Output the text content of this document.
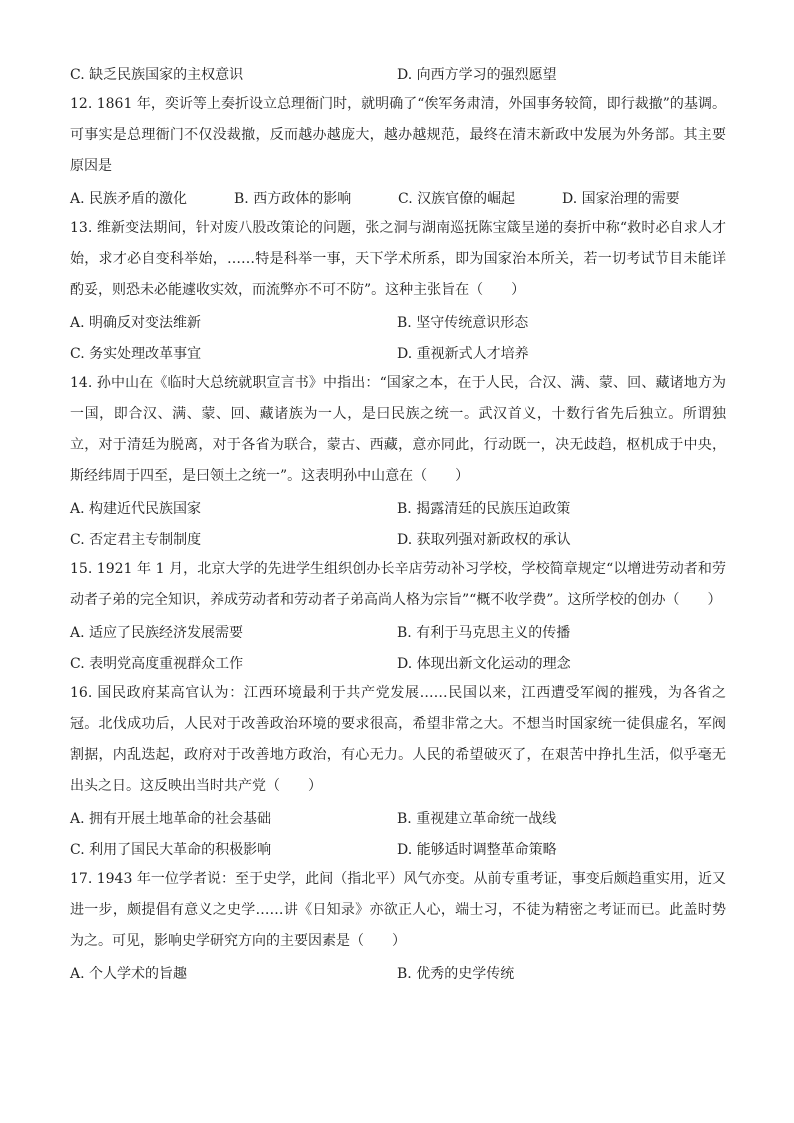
C. 缺乏民族国家的主权意识	D. 向西方学习的强烈愿望

12. 1861 年，奕䜣等上奏折设立总理衙门时，就明确了“俟军务肃清，外国事务较简，即行裁撤”的基调。可事实是总理衙门不仅没裁撤，反而越办越庞大，越办越规范，最终在清末新政中发展为外务部。其主要原因是

A. 民族矛盾的激化	B. 西方政体的影响	C. 汉族官僚的崛起	D. 国家治理的需要

13. 维新变法期间，针对废八股改策论的问题，张之洞与湖南巡抚陈宝箴呈递的奏折中称“救时必自求人才始，求才必自变科举始，……特是科举一事，天下学术所系，即为国家治本所关，若一切考试节目未能详酌妥，则恐未必能遽收实效，而流弊亦不可不防”。这种主张旨在（　　）

A. 明确反对变法维新	B. 坚守传统意识形态
C. 务实处理改革事宜	D. 重视新式人才培养

14. 孙中山在《临时大总统就职宣言书》中指出：“国家之本，在于人民，合汉、满、蒙、回、藏诸地方为一国，即合汉、满、蒙、回、藏诸族为一人，是曰民族之统一。武汉首义，十数行省先后独立。所谓独立，对于清廷为脱离，对于各省为联合，蒙古、西藏，意亦同此，行动既一，决无歧趋，枢机成于中央，斯经纬周于四至，是曰领土之统一”。这表明孙中山意在（　　）

A. 构建近代民族国家	B. 揭露清廷的民族压迫政策
C. 否定君主专制制度	D. 获取列强对新政权的承认

15. 1921 年 1 月，北京大学的先进学生组织创办长辛店劳动补习学校，学校简章规定“以增进劳动者和劳动者子弟的完全知识，养成劳动者和劳动者子弟高尚人格为宗旨”“概不收学费”。这所学校的创办（　　）

A. 适应了民族经济发展需要	B. 有利于马克思主义的传播
C. 表明党高度重视群众工作	D. 体现出新文化运动的理念

16. 国民政府某高官认为：江西环境最利于共产党发展……民国以来，江西遭受军阀的摧残，为各省之冠。北伐成功后，人民对于改善政治环境的要求很高，希望非常之大。不想当时国家统一徒俱虚名，军阀割据，内乱迭起，政府对于改善地方政治，有心无力。人民的希望破灭了，在艰苦中挣扎生活，似乎毫无出头之日。这反映出当时共产党（　　）

A. 拥有开展土地革命的社会基础	B. 重视建立革命统一战线
C. 利用了国民大革命的积极影响	D. 能够适时调整革命策略

17. 1943 年一位学者说：至于史学，此间（指北平）风气亦变。从前专重考证，事变后颇趋重实用，近又进一步，颇提倡有意义之史学……讲《日知录》亦欲正人心，端士习，不徒为精密之考证而已。此盖时势为之。可见，影响史学研究方向的主要因素是（　　）

A. 个人学术的旨趣	B. 优秀的史学传统
